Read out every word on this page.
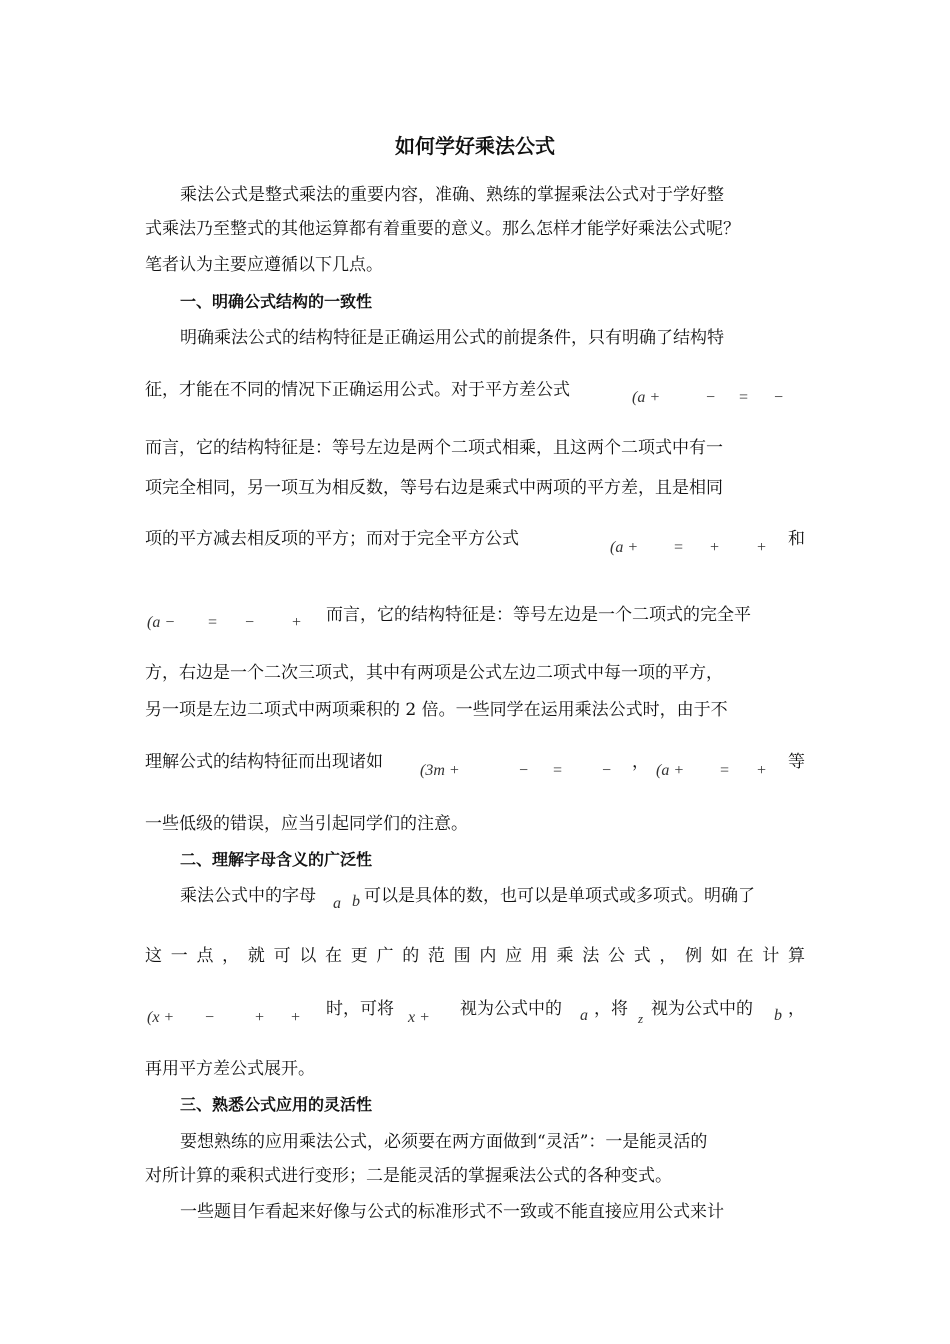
如何学好乘法公式
乘法公式是整式乘法的重要内容，准确、熟练的掌握乘法公式对于学好整
式乘法乃至整式的其他运算都有着重要的意义。那么怎样才能学好乘法公式呢？
笔者认为主要应遵循以下几点。
一、明确公式结构的一致性
明确乘法公式的结构特征是正确运用公式的前提条件，只有明确了结构特
征，才能在不同的情况下正确运用公式。对于平方差公式	(a +	− = −
而言，它的结构特征是：等号左边是两个二项式相乘，且这两个二项式中有一
项完全相同，另一项互为相反数，等号右边是乘式中两项的平方差，且是相同
项的平方减去相反项的平方；而对于完全平方公式	(a + = + + 和
(a − = − + 而言，它的结构特征是：等号左边是一个二项式的完全平
方，右边是一个二次三项式，其中有两项是公式左边二项式中每一项的平方，
另一项是左边二项式中两项乘积的 2 倍。一些同学在运用乘法公式时，由于不
理解公式的结构特征而出现诸如	(3m +	− = − ， (a + = + 等
一些低级的错误，应当引起同学们的注意。
二、理解字母含义的广泛性
乘法公式中的字母 a b 可以是具体的数，也可以是单项式或多项式。明确了
这 一 点 ， 就 可 以 在 更 广 的 范 围 内 应 用 乘 法 公 式 ， 例 如 在 计 算
(x + − + + 时，可将 x + 视为公式中的 a ，将 z 视为公式中的 b ，
再用平方差公式展开。
三、熟悉公式应用的灵活性
要想熟练的应用乘法公式，必须要在两方面做到“灵活”：一是能灵活的
对所计算的乘积式进行变形；二是能灵活的掌握乘法公式的各种变式。
一些题目乍看起来好像与公式的标准形式不一致或不能直接应用公式来计
